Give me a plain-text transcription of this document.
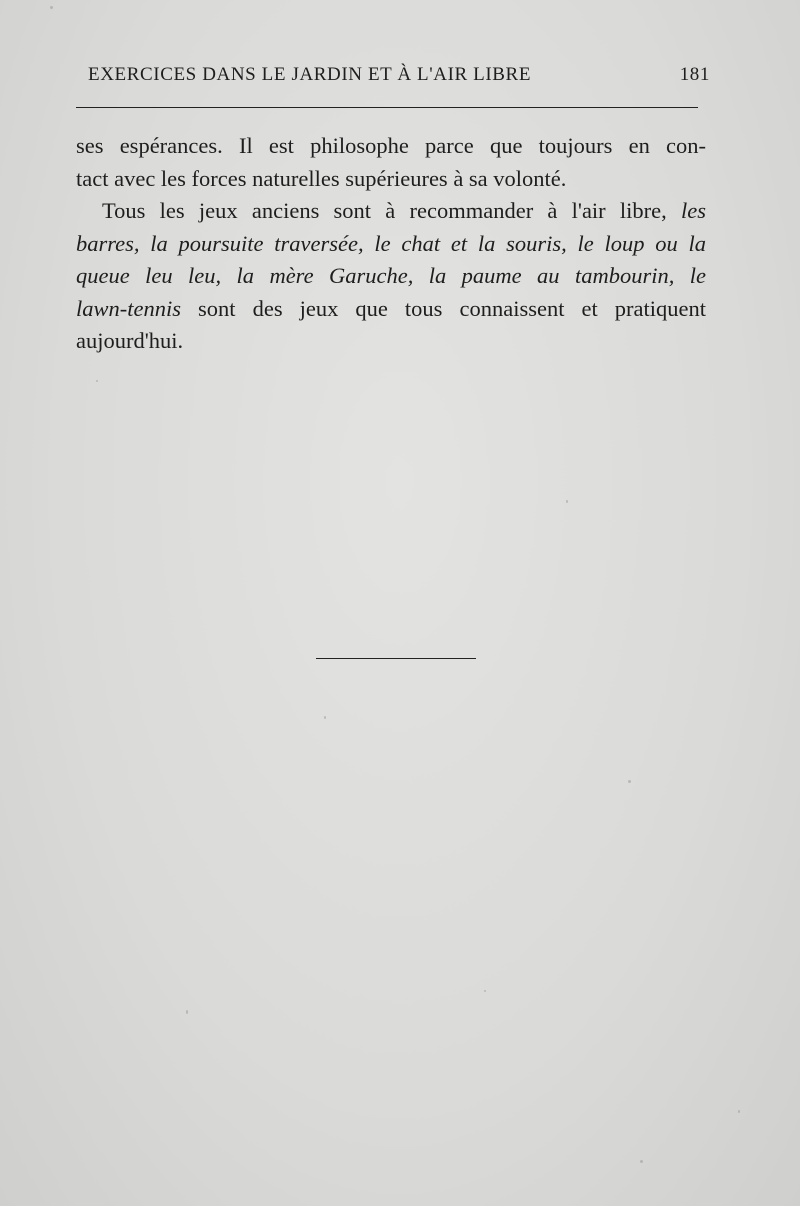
EXERCICES DANS LE JARDIN ET À L'AIR LIBRE	181
ses espérances. Il est philosophe parce que toujours en con-
tact avec les forces naturelles supérieures à sa volonté.
Tous les jeux anciens sont à recommander à l'air libre, les
barres, la poursuite traversée, le chat et la souris, le loup ou la
queue leu leu, la mère Garuche, la paume au tambourin, le
lawn-tennis sont des jeux que tous connaissent et pratiquent
aujourd'hui.
